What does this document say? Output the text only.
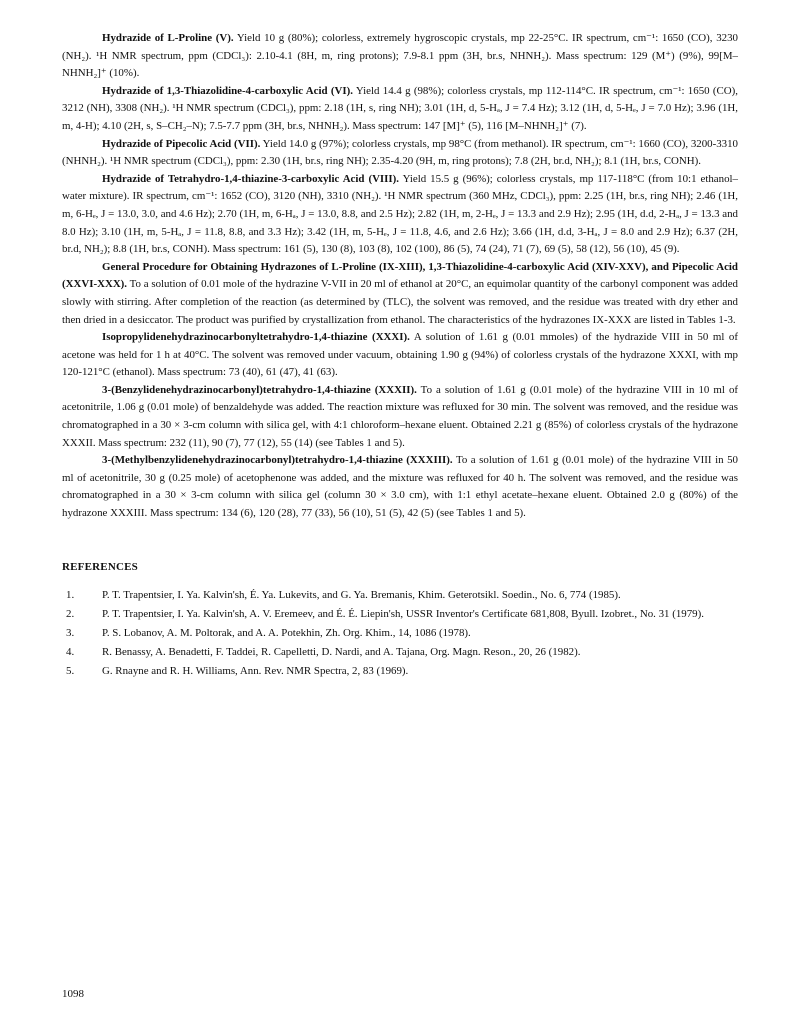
Hydrazide of L-Proline (V). Yield 10 g (80%); colorless, extremely hygroscopic crystals, mp 22-25°C. IR spectrum, cm⁻¹: 1650 (CO), 3230 (NH₂). ¹H NMR spectrum, ppm (CDCl₃): 2.10-4.1 (8H, m, ring protons); 7.9-8.1 ppm (3H, br.s, NHNH₂). Mass spectrum: 129 (M⁺) (9%), 99[M–NHNH₂]⁺ (10%).

Hydrazide of 1,3-Thiazolidine-4-carboxylic Acid (VI). Yield 14.4 g (98%); colorless crystals, mp 112-114°C. IR spectrum, cm⁻¹: 1650 (CO), 3212 (NH), 3308 (NH₂). ¹H NMR spectrum (CDCl₃), ppm: 2.18 (1H, s, ring NH); 3.01 (1H, d, 5-Hₐ, J = 7.4 Hz); 3.12 (1H, d, 5-Hₑ, J = 7.0 Hz); 3.96 (1H, m, 4-H); 4.10 (2H, s, S–CH₂–N); 7.5-7.7 ppm (3H, br.s, NHNH₂). Mass spectrum: 147 [M]⁺ (5), 116 [M–NHNH₂]⁺ (7).

Hydrazide of Pipecolic Acid (VII). Yield 14.0 g (97%); colorless crystals, mp 98°C (from methanol). IR spectrum, cm⁻¹: 1660 (CO), 3200-3310 (NHNH₂). ¹H NMR spectrum (CDCl₃), ppm: 2.30 (1H, br.s, ring NH); 2.35-4.20 (9H, m, ring protons); 7.8 (2H, br.d, NH₂); 8.1 (1H, br.s, CONH).

Hydrazide of Tetrahydro-1,4-thiazine-3-carboxylic Acid (VIII). Yield 15.5 g (96%); colorless crystals, mp 117-118°C (from 10:1 ethanol–water mixture). IR spectrum, cm⁻¹: 1652 (CO), 3120 (NH), 3310 (NH₂). ¹H NMR spectrum (360 MHz, CDCl₃), ppm: 2.25 (1H, br.s, ring NH); 2.46 (1H, m, 6-Hₑ, J = 13.0, 3.0, and 4.6 Hz); 2.70 (1H, m, 6-Hₐ, J = 13.0, 8.8, and 2.5 Hz); 2.82 (1H, m, 2-Hₑ, J = 13.3 and 2.9 Hz); 2.95 (1H, d.d, 2-Hₐ, J = 13.3 and 8.0 Hz); 3.10 (1H, m, 5-Hₐ, J = 11.8, 8.8, and 3.3 Hz); 3.42 (1H, m, 5-Hₑ, J = 11.8, 4.6, and 2.6 Hz); 3.66 (1H, d.d, 3-Hₐ, J = 8.0 and 2.9 Hz); 6.37 (2H, br.d, NH₂); 8.8 (1H, br.s, CONH). Mass spectrum: 161 (5), 130 (8), 103 (8), 102 (100), 86 (5), 74 (24), 71 (7), 69 (5), 58 (12), 56 (10), 45 (9).

General Procedure for Obtaining Hydrazones of L-Proline (IX-XIII), 1,3-Thiazolidine-4-carboxylic Acid (XIV-XXV), and Pipecolic Acid (XXVI-XXX). To a solution of 0.01 mole of the hydrazine V-VII in 20 ml of ethanol at 20°C, an equimolar quantity of the carbonyl component was added slowly with stirring. After completion of the reaction (as determined by (TLC), the solvent was removed, and the residue was treated with dry ether and then dried in a desiccator. The product was purified by crystallization from ethanol. The characteristics of the hydrazones IX-XXX are listed in Tables 1-3.

Isopropylidenehydrazinocarbonyltetrahydro-1,4-thiazine (XXXI). A solution of 1.61 g (0.01 mmoles) of the hydrazide VIII in 50 ml of acetone was held for 1 h at 40°C. The solvent was removed under vacuum, obtaining 1.90 g (94%) of colorless crystals of the hydrazone XXXI, with mp 120-121°C (ethanol). Mass spectrum: 73 (40), 61 (47), 41 (63).

3-(Benzylidenehydrazinocarbonyl)tetrahydro-1,4-thiazine (XXXII). To a solution of 1.61 g (0.01 mole) of the hydrazine VIII in 10 ml of acetonitrile, 1.06 g (0.01 mole) of benzaldehyde was added. The reaction mixture was refluxed for 30 min. The solvent was removed, and the residue was chromatographed in a 30 × 3-cm column with silica gel, with 4:1 chloroform–hexane eluent. Obtained 2.21 g (85%) of colorless crystals of the hydrazone XXXII. Mass spectrum: 232 (11), 90 (7), 77 (12), 55 (14) (see Tables 1 and 5).

3-(Methylbenzylidenehydrazinocarbonyl)tetrahydro-1,4-thiazine (XXXIII). To a solution of 1.61 g (0.01 mole) of the hydrazine VIII in 50 ml of acetonitrile, 30 g (0.25 mole) of acetophenone was added, and the mixture was refluxed for 40 h. The solvent was removed, and the residue was chromatographed in a 30 × 3-cm column with silica gel (column 30 × 3.0 cm), with 1:1 ethyl acetate–hexane eluent. Obtained 2.0 g (80%) of the hydrazone XXXIII. Mass spectrum: 134 (6), 120 (28), 77 (33), 56 (10), 51 (5), 42 (5) (see Tables 1 and 5).

REFERENCES
1.	P. T. Trapentsier, I. Ya. Kalvin'sh, É. Ya. Lukevits, and G. Ya. Bremanis, Khim. Geterotsikl. Soedin., No. 6, 774 (1985).
2.	P. T. Trapentsier, I. Ya. Kalvin'sh, A. V. Eremeev, and É. É. Liepin'sh, USSR Inventor's Certificate 681,808, Byull. Izobret., No. 31 (1979).
3.	P. S. Lobanov, A. M. Poltorak, and A. A. Potekhin, Zh. Org. Khim., 14, 1086 (1978).
4.	R. Benassy, A. Benadetti, F. Taddei, R. Capelletti, D. Nardi, and A. Tajana, Org. Magn. Reson., 20, 26 (1982).
5.	G. Rnayne and R. H. Williams, Ann. Rev. NMR Spectra, 2, 83 (1969).
1098
